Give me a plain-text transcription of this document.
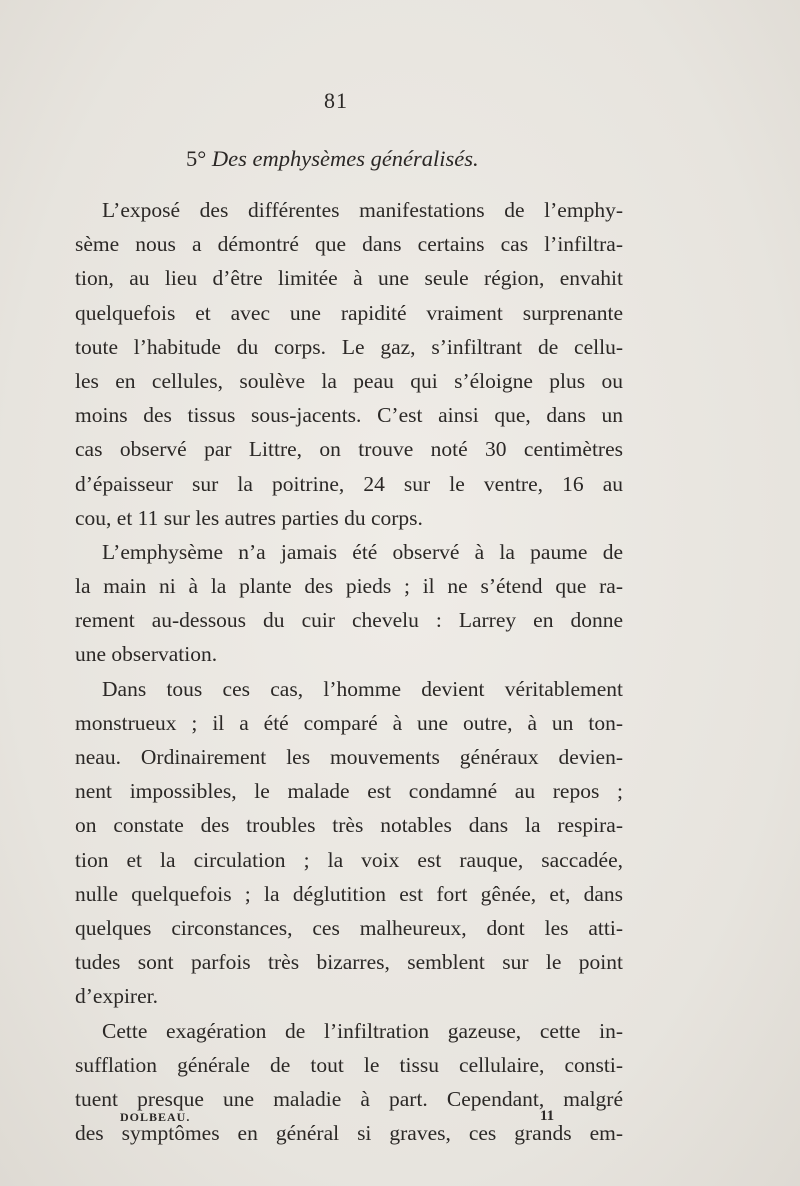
81
5° Des emphysèmes généralisés.
L’exposé des différentes manifestations de l’emphy-
sème nous a démontré que dans certains cas l’infiltra-
tion, au lieu d’être limitée à une seule région, envahit
quelquefois et avec une rapidité vraiment surprenante
toute l’habitude du corps. Le gaz, s’infiltrant de cellu-
les en cellules, soulève la peau qui s’éloigne plus ou
moins des tissus sous-jacents. C’est ainsi que, dans un
cas observé par Littre, on trouve noté 30 centimètres
d’épaisseur sur la poitrine, 24 sur le ventre, 16 au
cou, et 11 sur les autres parties du corps.
L’emphysème n’a jamais été observé à la paume de
la main ni à la plante des pieds ; il ne s’étend que ra-
rement au-dessous du cuir chevelu : Larrey en donne
une observation.
Dans tous ces cas, l’homme devient véritablement
monstrueux ; il a été comparé à une outre, à un ton-
neau. Ordinairement les mouvements généraux devien-
nent impossibles, le malade est condamné au repos ;
on constate des troubles très notables dans la respira-
tion et la circulation ; la voix est rauque, saccadée,
nulle quelquefois ; la déglutition est fort gênée, et, dans
quelques circonstances, ces malheureux, dont les atti-
tudes sont parfois très bizarres, semblent sur le point
d’expirer.
Cette exagération de l’infiltration gazeuse, cette in-
sufflation générale de tout le tissu cellulaire, consti-
tuent presque une maladie à part. Cependant, malgré
des symptômes en général si graves, ces grands em-
DOLBEAU.	11
